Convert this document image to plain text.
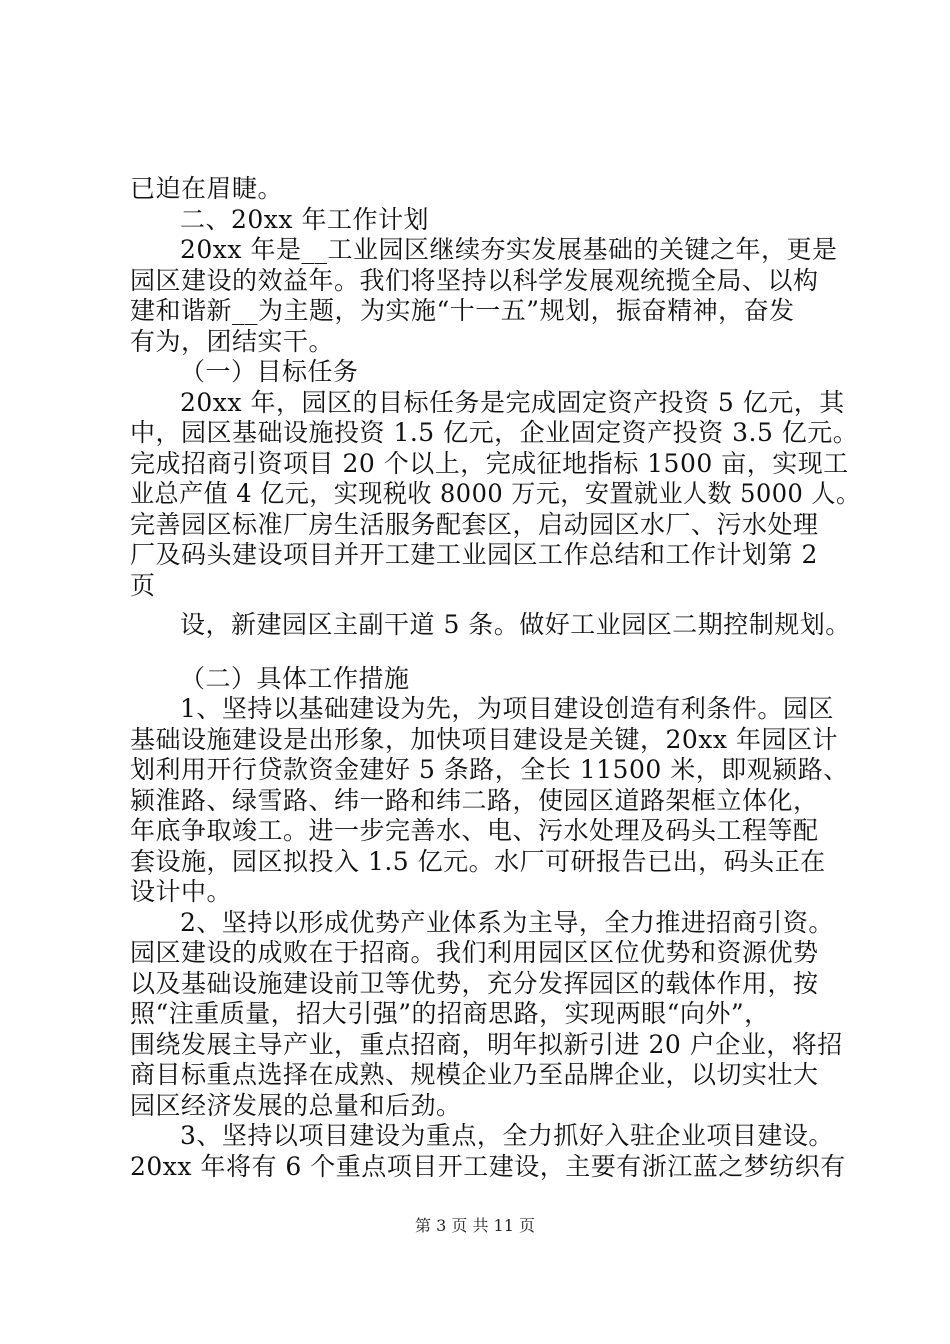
已迫在眉睫。
二、20xx 年工作计划
20xx 年是__工业园区继续夯实发展基础的关键之年，更是
园区建设的效益年。我们将坚持以科学发展观统揽全局、以构
建和谐新__为主题，为实施“十一五”规划，振奋精神，奋发
有为，团结实干。
（一）目标任务
20xx 年，园区的目标任务是完成固定资产投资 5 亿元，其
中，园区基础设施投资 1.5 亿元，企业固定资产投资 3.5 亿元。
完成招商引资项目 20 个以上，完成征地指标 1500 亩，实现工
业总产值 4 亿元，实现税收 8000 万元，安置就业人数 5000 人。
完善园区标准厂房生活服务配套区，启动园区水厂、污水处理
厂及码头建设项目并开工建工业园区工作总结和工作计划第 2
页
设，新建园区主副干道 5 条。做好工业园区二期控制规划。
（二）具体工作措施
1、坚持以基础建设为先，为项目建设创造有利条件。园区
基础设施建设是出形象，加快项目建设是关键，20xx 年园区计
划利用开行贷款资金建好 5 条路，全长 11500 米，即观颍路、
颍淮路、绿雪路、纬一路和纬二路，使园区道路架框立体化，
年底争取竣工。进一步完善水、电、污水处理及码头工程等配
套设施，园区拟投入 1.5 亿元。水厂可研报告已出，码头正在
设计中。
2、坚持以形成优势产业体系为主导，全力推进招商引资。
园区建设的成败在于招商。我们利用园区区位优势和资源优势
以及基础设施建设前卫等优势，充分发挥园区的载体作用，按
照“注重质量，招大引强”的招商思路，实现两眼“向外”，
围绕发展主导产业，重点招商，明年拟新引进 20 户企业，将招
商目标重点选择在成熟、规模企业乃至品牌企业，以切实壮大
园区经济发展的总量和后劲。
3、坚持以项目建设为重点，全力抓好入驻企业项目建设。
20xx 年将有 6 个重点项目开工建设，主要有浙江蓝之梦纺织有
第 3 页 共 11 页
